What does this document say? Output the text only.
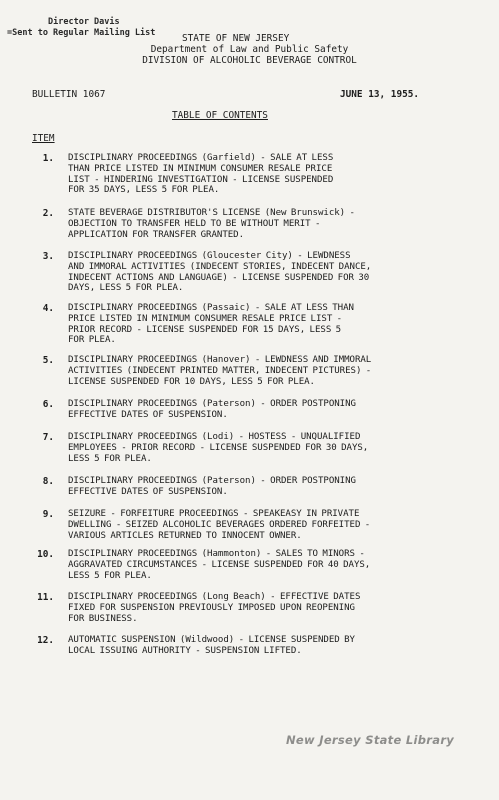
Director Davis
=Sent to Regular Mailing List	STATE OF NEW JERSEY
Department of Law and Public Safety
DIVISION OF ALCOHOLIC BEVERAGE CONTROL
BULLETIN 1067	JUNE 13, 1955.
TABLE OF CONTENTS
ITEM
1. DISCIPLINARY PROCEEDINGS (Garfield) - SALE AT LESS
THAN PRICE LISTED IN MINIMUM CONSUMER RESALE PRICE
LIST - HINDERING INVESTIGATION - LICENSE SUSPENDED
FOR 35 DAYS, LESS 5 FOR PLEA.
2. STATE BEVERAGE DISTRIBUTOR'S LICENSE (New Brunswick) -
OBJECTION TO TRANSFER HELD TO BE WITHOUT MERIT -
APPLICATION FOR TRANSFER GRANTED.
3. DISCIPLINARY PROCEEDINGS (Gloucester City) - LEWDNESS
AND IMMORAL ACTIVITIES (INDECENT STORIES, INDECENT DANCE,
INDECENT ACTIONS AND LANGUAGE) - LICENSE SUSPENDED FOR 30
DAYS, LESS 5 FOR PLEA.
4. DISCIPLINARY PROCEEDINGS (Passaic) - SALE AT LESS THAN
PRICE LISTED IN MINIMUM CONSUMER RESALE PRICE LIST -
PRIOR RECORD - LICENSE SUSPENDED FOR 15 DAYS, LESS 5
FOR PLEA.
5. DISCIPLINARY PROCEEDINGS (Hanover) - LEWDNESS AND IMMORAL
ACTIVITIES (INDECENT PRINTED MATTER, INDECENT PICTURES) -
LICENSE SUSPENDED FOR 10 DAYS, LESS 5 FOR PLEA.
6. DISCIPLINARY PROCEEDINGS (Paterson) - ORDER POSTPONING
EFFECTIVE DATES OF SUSPENSION.
7. DISCIPLINARY PROCEEDINGS (Lodi) - HOSTESS - UNQUALIFIED
EMPLOYEES - PRIOR RECORD - LICENSE SUSPENDED FOR 30 DAYS,
LESS 5 FOR PLEA.
8. DISCIPLINARY PROCEEDINGS (Paterson) - ORDER POSTPONING
EFFECTIVE DATES OF SUSPENSION.
9. SEIZURE - FORFEITURE PROCEEDINGS - SPEAKEASY IN PRIVATE
DWELLING - SEIZED ALCOHOLIC BEVERAGES ORDERED FORFEITED -
VARIOUS ARTICLES RETURNED TO INNOCENT OWNER.
10. DISCIPLINARY PROCEEDINGS (Hammonton) - SALES TO MINORS -
AGGRAVATED CIRCUMSTANCES - LICENSE SUSPENDED FOR 40 DAYS,
LESS 5 FOR PLEA.
11. DISCIPLINARY PROCEEDINGS (Long Beach) - EFFECTIVE DATES
FIXED FOR SUSPENSION PREVIOUSLY IMPOSED UPON REOPENING
FOR BUSINESS.
12. AUTOMATIC SUSPENSION (Wildwood) - LICENSE SUSPENDED BY
LOCAL ISSUING AUTHORITY - SUSPENSION LIFTED.
New Jersey State Library
